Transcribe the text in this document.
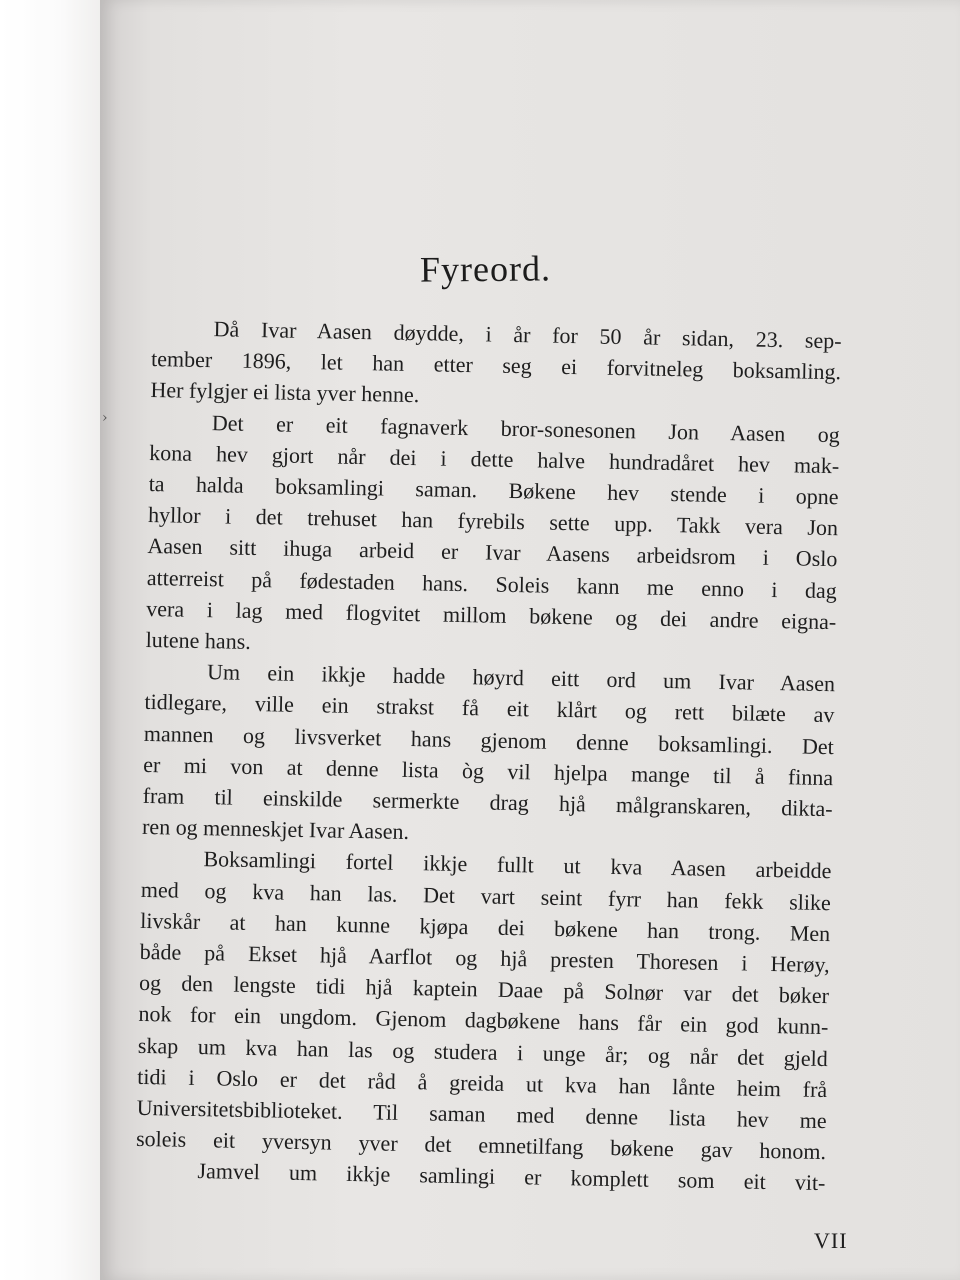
Fyreord.
›

Då Ivar Aasen døydde, i år for 50 år sidan, 23. sep-
tember 1896, let han etter seg ei forvitneleg boksamling.
Her fylgjer ei lista yver henne.

Det er eit fagnaverk bror-sonesonen Jon Aasen og
kona hev gjort når dei i dette halve hundradåret hev mak-
ta halda boksamlingi saman. Bøkene hev stende i opne
hyllor i det trehuset han fyrebils sette upp. Takk vera Jon
Aasen sitt ihuga arbeid er Ivar Aasens arbeidsrom i Oslo
atterreist på fødestaden hans. Soleis kann me enno i dag
vera i lag med flogvitet millom bøkene og dei andre eigna-
lutene hans.

Um ein ikkje hadde høyrd eitt ord um Ivar Aasen
tidlegare, ville ein strakst få eit klårt og rett bilæte av
mannen og livsverket hans gjenom denne boksamlingi. Det
er mi von at denne lista òg vil hjelpa mange til å finna
fram til einskilde sermerkte drag hjå målgranskaren, dikta-
ren og menneskjet Ivar Aasen.

Boksamlingi fortel ikkje fullt ut kva Aasen arbeidde
med og kva han las. Det vart seint fyrr han fekk slike
livskår at han kunne kjøpa dei bøkene han trong. Men
både på Ekset hjå Aarflot og hjå presten Thoresen i Herøy,
og den lengste tidi hjå kaptein Daae på Solnør var det bøker
nok for ein ungdom. Gjenom dagbøkene hans får ein god kunn-
skap um kva han las og studera i unge år; og når det gjeld
tidi i Oslo er det råd å greida ut kva han lånte heim frå
Universitetsbiblioteket. Til saman med denne lista hev me
soleis eit yversyn yver det emnetilfang bøkene gav honom.

Jamvel um ikkje samlingi er komplett som eit vit-

VII
